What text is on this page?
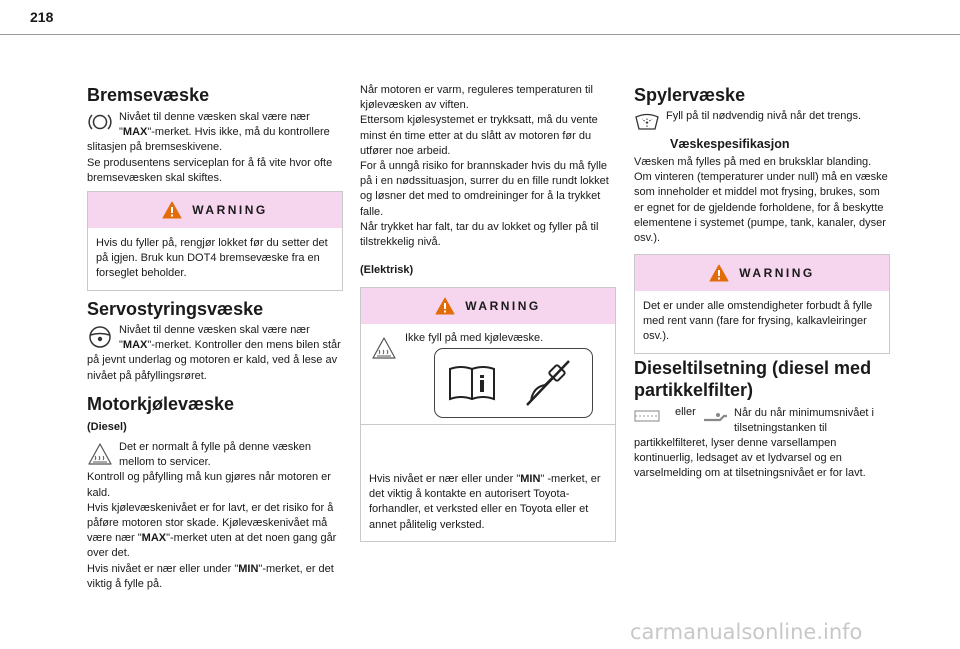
218
Bremsevæske

Nivået til denne væsken skal være nær "MAX"-merket. Hvis ikke, må du kontrollere slitasjen på bremseskivene.

Se produsentens serviceplan for å få vite hvor ofte bremsevæsken skal skiftes.

WARNING

Hvis du fyller på, rengjør lokket før du setter det på igjen. Bruk kun DOT4 bremsevæske fra en forseglet beholder.

Servostyringsvæske

Nivået til denne væsken skal være nær "MAX"-merket. Kontroller den mens bilen står på jevnt underlag og motoren er kald, ved å lese av nivået på påfyllingsrøret.

Motorkjølevæske
(Diesel)

Det er normalt å fylle på denne væsken mellom to servicer.

Kontroll og påfylling må kun gjøres når motoren er kald.

Hvis kjølevæskenivået er for lavt, er det risiko for å påføre motoren stor skade. Kjølevæskenivået må være nær "MAX"-merket uten at det noen gang går over det.

Hvis nivået er nær eller under "MIN"-merket, er det viktig å fylle på.

Når motoren er varm, reguleres temperaturen til kjølevæsken av viften.

Ettersom kjølesystemet er trykksatt, må du vente minst én time etter at du slått av motoren før du utfører noe arbeid.

For å unngå risiko for brannskader hvis du må fylle på i en nødssituasjon, surrer du en fille rundt lokket og løsner det med to omdreininger for å la trykket falle.

Når trykket har falt, tar du av lokket og fyller på til tilstrekkelig nivå.

(Elektrisk)
WARNING

Ikke fyll på med kjølevæske.

Hvis nivået er nær eller under "MIN" -merket, er det viktig å kontakte en autorisert Toyota-forhandler, et verksted eller en Toyota eller et annet pålitelig verksted.

Spylervæske

Fyll på til nødvendig nivå når det trengs.

Væskespesifikasjon

Væsken må fylles på med en bruksklar blanding. Om vinteren (temperaturer under null) må en væske som inneholder et middel mot frysing, brukes, som er egnet for de gjeldende forholdene, for å beskytte elementene i systemet (pumpe, tank, kanaler, dyser osv.).

WARNING

Det er under alle omstendigheter forbudt å fylle med rent vann (fare for frysing, kalkavleiringer osv.).

Dieseltilsetning (diesel med partikkelfilter)
eller	Når du når minimumsnivået i tilsetningstanken til

partikkelfilteret, lyser denne varsellampen kontinuerlig, ledsaget av et lydvarsel og en varselmelding om at tilsetningsnivået er for lavt.

carmanualsonline.info
